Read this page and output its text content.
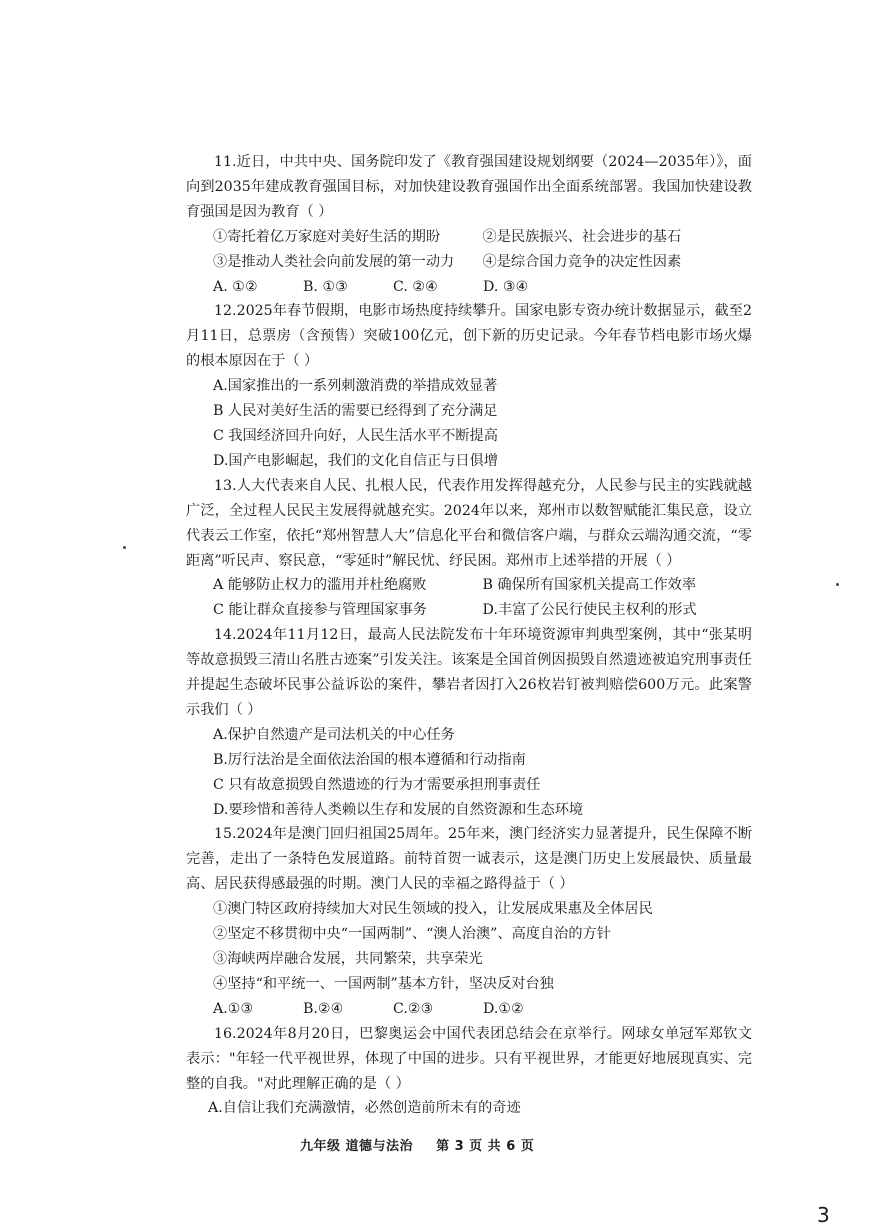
11.近日，中共中央、国务院印发了《教育强国建设规划纲要（2024—2035年）》，面向到2035年建成教育强国目标，对加快建设教育强国作出全面系统部署。我国加快建设教育强国是因为教育（ ）

①寄托着亿万家庭对美好生活的期盼	②是民族振兴、社会进步的基石
③是推动人类社会向前发展的第一动力	④是综合国力竞争的决定性因素
A. ①②	B. ①③	C. ②④	D. ③④

12.2025年春节假期，电影市场热度持续攀升。国家电影专资办统计数据显示，截至2月11日，总票房（含预售）突破100亿元，创下新的历史记录。今年春节档电影市场火爆的根本原因在于（ ）

A.国家推出的一系列刺激消费的举措成效显著
B 人民对美好生活的需要已经得到了充分满足
C 我国经济回升向好，人民生活水平不断提高
D.国产电影崛起，我们的文化自信正与日俱增

13.人大代表来自人民、扎根人民，代表作用发挥得越充分，人民参与民主的实践就越广泛，全过程人民民主发展得就越充实。2024年以来，郑州市以数智赋能汇集民意，设立代表云工作室，依托“郑州智慧人大”信息化平台和微信客户端，与群众云端沟通交流，“零距离”听民声、察民意，“零延时”解民忧、纾民困。郑州市上述举措的开展（ ）

A 能够防止权力的滥用并杜绝腐败	B 确保所有国家机关提高工作效率
C 能让群众直接参与管理国家事务	D.丰富了公民行使民主权利的形式

14.2024年11月12日，最高人民法院发布十年环境资源审判典型案例，其中“张某明等故意损毁三清山名胜古迹案”引发关注。该案是全国首例因损毁自然遗迹被追究刑事责任并提起生态破坏民事公益诉讼的案件，攀岩者因打入26枚岩钉被判赔偿600万元。此案警示我们（ ）

A.保护自然遗产是司法机关的中心任务
B.厉行法治是全面依法治国的根本遵循和行动指南
C 只有故意损毁自然遗迹的行为才需要承担刑事责任
D.要珍惜和善待人类赖以生存和发展的自然资源和生态环境

15.2024年是澳门回归祖国25周年。25年来，澳门经济实力显著提升，民生保障不断完善，走出了一条特色发展道路。前特首贺一诚表示，这是澳门历史上发展最快、质量最高、居民获得感最强的时期。澳门人民的幸福之路得益于（ ）

①澳门特区政府持续加大对民生领域的投入，让发展成果惠及全体居民
②坚定不移贯彻中央“一国两制”、“澳人治澳”、高度自治的方针
③海峡两岸融合发展，共同繁荣，共享荣光
④坚持“和平统一、一国两制”基本方针，坚决反对台独
A.①③	B.②④	C.②③	D.①②

16.2024年8月20日，巴黎奥运会中国代表团总结会在京举行。网球女单冠军郑钦文表示："年轻一代平视世界，体现了中国的进步。只有平视世界，才能更好地展现真实、完整的自我。"对此理解正确的是（ ）

A.自信让我们充满激情，必然创造前所未有的奇迹
九年级 道德与法治 第 3 页 共 6 页
3
